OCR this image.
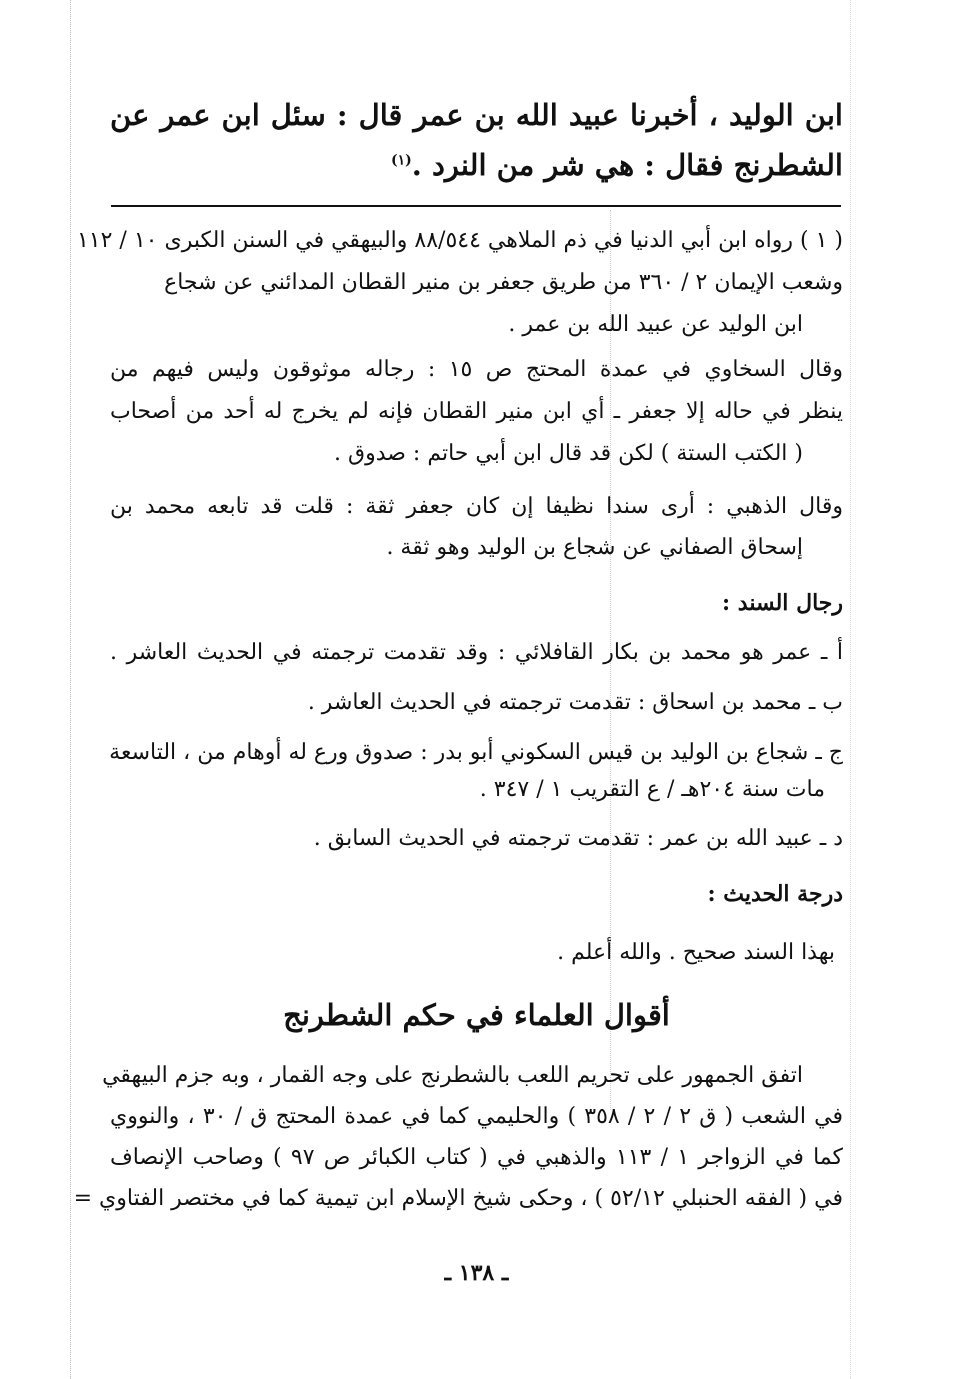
ابن الوليد ، أخبرنا عبيد الله بن عمر قال : سئل ابن عمر عن
الشطرنج فقال : هي شر من النرد .$^{(١)}$
( ١ ) رواه ابن أبي الدنيا في ذم الملاهي ٨٨/٥٤٤ والبيهقي في السنن الكبرى ١٠ / ١١٢
وشعب الإيمان ٢ / ٣٦٠ من طريق جعفر بن منير القطان المدائني عن شجاع
ابن الوليد عن عبيد الله بن عمر .
وقال السخاوي في عمدة المحتج ص ١٥ : رجاله موثوقون وليس فيهم من
ينظر في حاله إلا جعفر ـ أي ابن منير القطان فإنه لم يخرج له أحد من أصحاب
( الكتب الستة ) لكن قد قال ابن أبي حاتم : صدوق .
وقال الذهبي : أرى سندا نظيفا إن كان جعفر ثقة : قلت قد تابعه محمد بن
إسحاق الصفاني عن شجاع بن الوليد وهو ثقة .
رجال السند :
أ ـ عمر هو محمد بن بكار القافلائي : وقد تقدمت ترجمته في الحديث العاشر .
ب ـ محمد بن اسحاق : تقدمت ترجمته في الحديث العاشر .
ج ـ شجاع بن الوليد بن قيس السكوني أبو بدر : صدوق ورع له أوهام من ، التاسعة
مات سنة ٢٠٤هـ / ع التقريب ١ / ٣٤٧ .
د ـ عبيد الله بن عمر : تقدمت ترجمته في الحديث السابق .
درجة الحديث :
بهذا السند صحيح . والله أعلم .
أقوال العلماء في حكم الشطرنج
اتفق الجمهور على تحريم اللعب بالشطرنج على وجه القمار ، وبه جزم البيهقي
في الشعب ( ق ٢ / ٢ / ٣٥٨ ) والحليمي كما في عمدة المحتج ق / ٣٠ ، والنووي
كما في الزواجر ١ / ١١٣ والذهبي في ( كتاب الكبائر ص ٩٧ ) وصاحب الإنصاف
في ( الفقه الحنبلي ٥٢/١٢ ) ، وحكى شيخ الإسلام ابن تيمية كما في مختصر الفتاوي =
ـ ١٣٨ ـ
